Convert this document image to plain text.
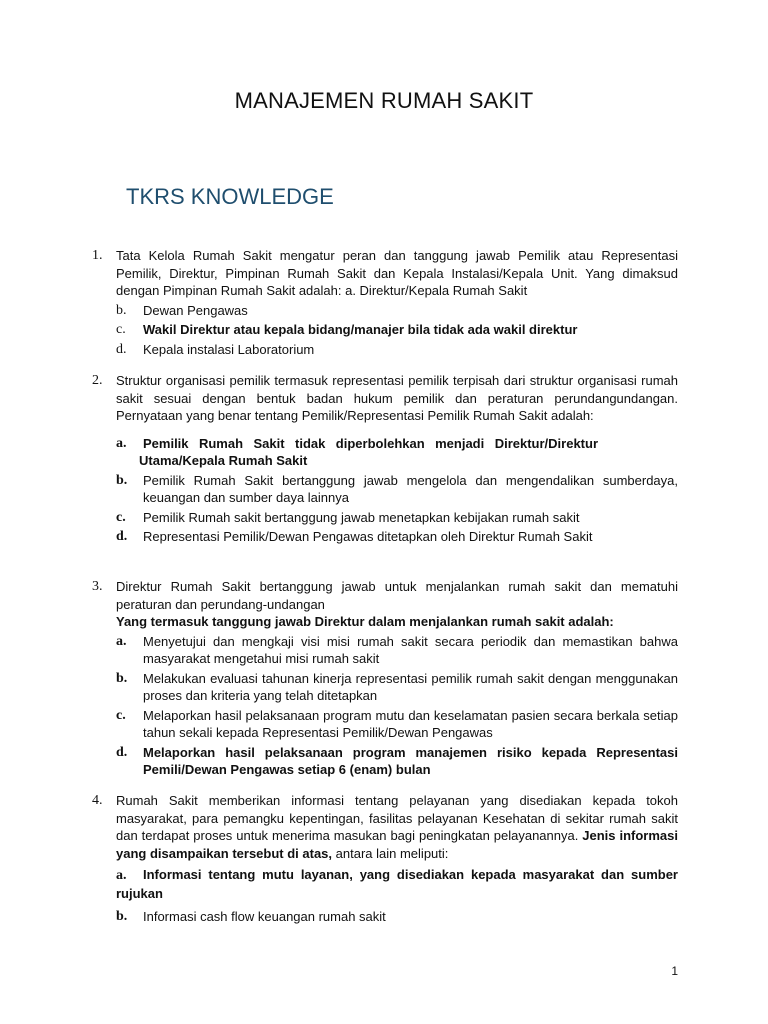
MANAJEMEN RUMAH SAKIT
TKRS KNOWLEDGE
1.	Tata Kelola Rumah Sakit mengatur peran dan tanggung jawab Pemilik atau Representasi Pemilik, Direktur, Pimpinan Rumah Sakit dan Kepala Instalasi/Kepala Unit. Yang dimaksud dengan Pimpinan Rumah Sakit adalah: a. Direktur/Kepala Rumah Sakit
b. Dewan Pengawas
c. Wakil Direktur atau kepala bidang/manajer bila tidak ada wakil direktur
d. Kepala instalasi Laboratorium
2.	Struktur organisasi pemilik termasuk representasi pemilik terpisah dari struktur organisasi rumah sakit sesuai dengan bentuk badan hukum pemilik dan peraturan perundangundangan. Pernyataan yang benar tentang Pemilik/Representasi Pemilik Rumah Sakit adalah:
a. Pemilik Rumah Sakit tidak diperbolehkan menjadi Direktur/Direktur
Utama/Kepala Rumah Sakit
b. Pemilik Rumah Sakit bertanggung jawab mengelola dan mengendalikan sumberdaya, keuangan dan sumber daya lainnya
c. Pemilik Rumah sakit bertanggung jawab menetapkan kebijakan rumah sakit
d. Representasi Pemilik/Dewan Pengawas ditetapkan oleh Direktur Rumah Sakit
3.	Direktur Rumah Sakit bertanggung jawab untuk menjalankan rumah sakit dan mematuhi peraturan dan perundang-undangan
Yang termasuk tanggung jawab Direktur dalam menjalankan rumah sakit adalah:
a. Menyetujui dan mengkaji visi misi rumah sakit secara periodik dan memastikan bahwa masyarakat mengetahui misi rumah sakit
b. Melakukan evaluasi tahunan kinerja representasi pemilik rumah sakit dengan menggunakan proses dan kriteria yang telah ditetapkan
c. Melaporkan hasil pelaksanaan program mutu dan keselamatan pasien secara berkala setiap tahun sekali kepada Representasi Pemilik/Dewan Pengawas
d. Melaporkan hasil pelaksanaan program manajemen risiko kepada Representasi Pemili/Dewan Pengawas setiap 6 (enam) bulan
4.	Rumah Sakit memberikan informasi tentang pelayanan yang disediakan kepada tokoh masyarakat, para pemangku kepentingan, fasilitas pelayanan Kesehatan di sekitar rumah sakit dan terdapat proses untuk menerima masukan bagi peningkatan pelayanannya. Jenis informasi yang disampaikan tersebut di atas, antara lain meliputi:
a. Informasi tentang mutu layanan, yang disediakan kepada masyarakat dan sumber rujukan
b. Informasi cash flow keuangan rumah sakit
1
